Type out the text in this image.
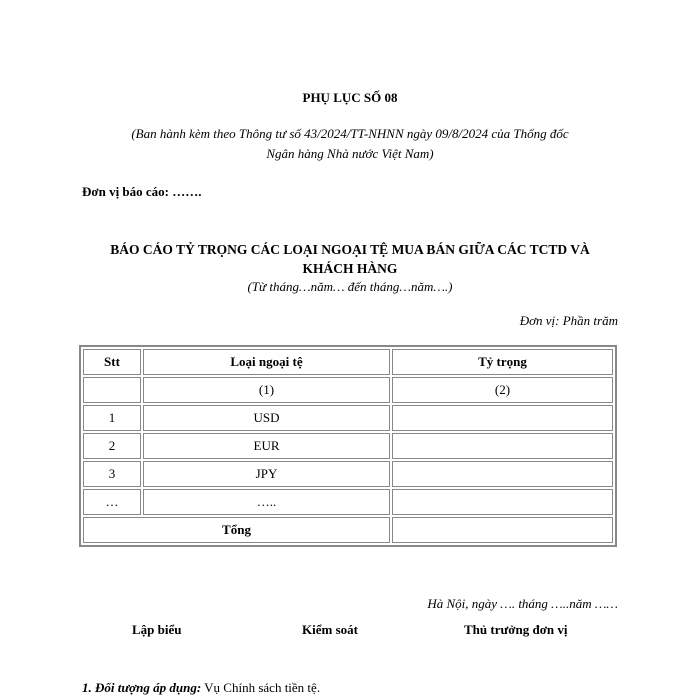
PHỤ LỤC SỐ 08

(Ban hành kèm theo Thông tư số 43/2024/TT-NHNN ngày 09/8/2024 của Thống đốc
Ngân hàng Nhà nước Việt Nam)

Đơn vị báo cáo: …….

BÁO CÁO TỶ TRỌNG CÁC LOẠI NGOẠI TỆ MUA BÁN GIỮA CÁC TCTD VÀ
KHÁCH HÀNG

(Từ tháng…năm… đến tháng…năm….)

Đơn vị: Phần trăm

Stt	Loại ngoại tệ	Tỷ trọng
	(1)	(2)
1	USD	
2	EUR	
3	JPY	
…	…..	
Tổng		

Hà Nội, ngày …. tháng …..năm ……

Lập biểu	Kiểm soát	Thủ trưởng đơn vị

1. Đối tượng áp dụng: Vụ Chính sách tiền tệ.
